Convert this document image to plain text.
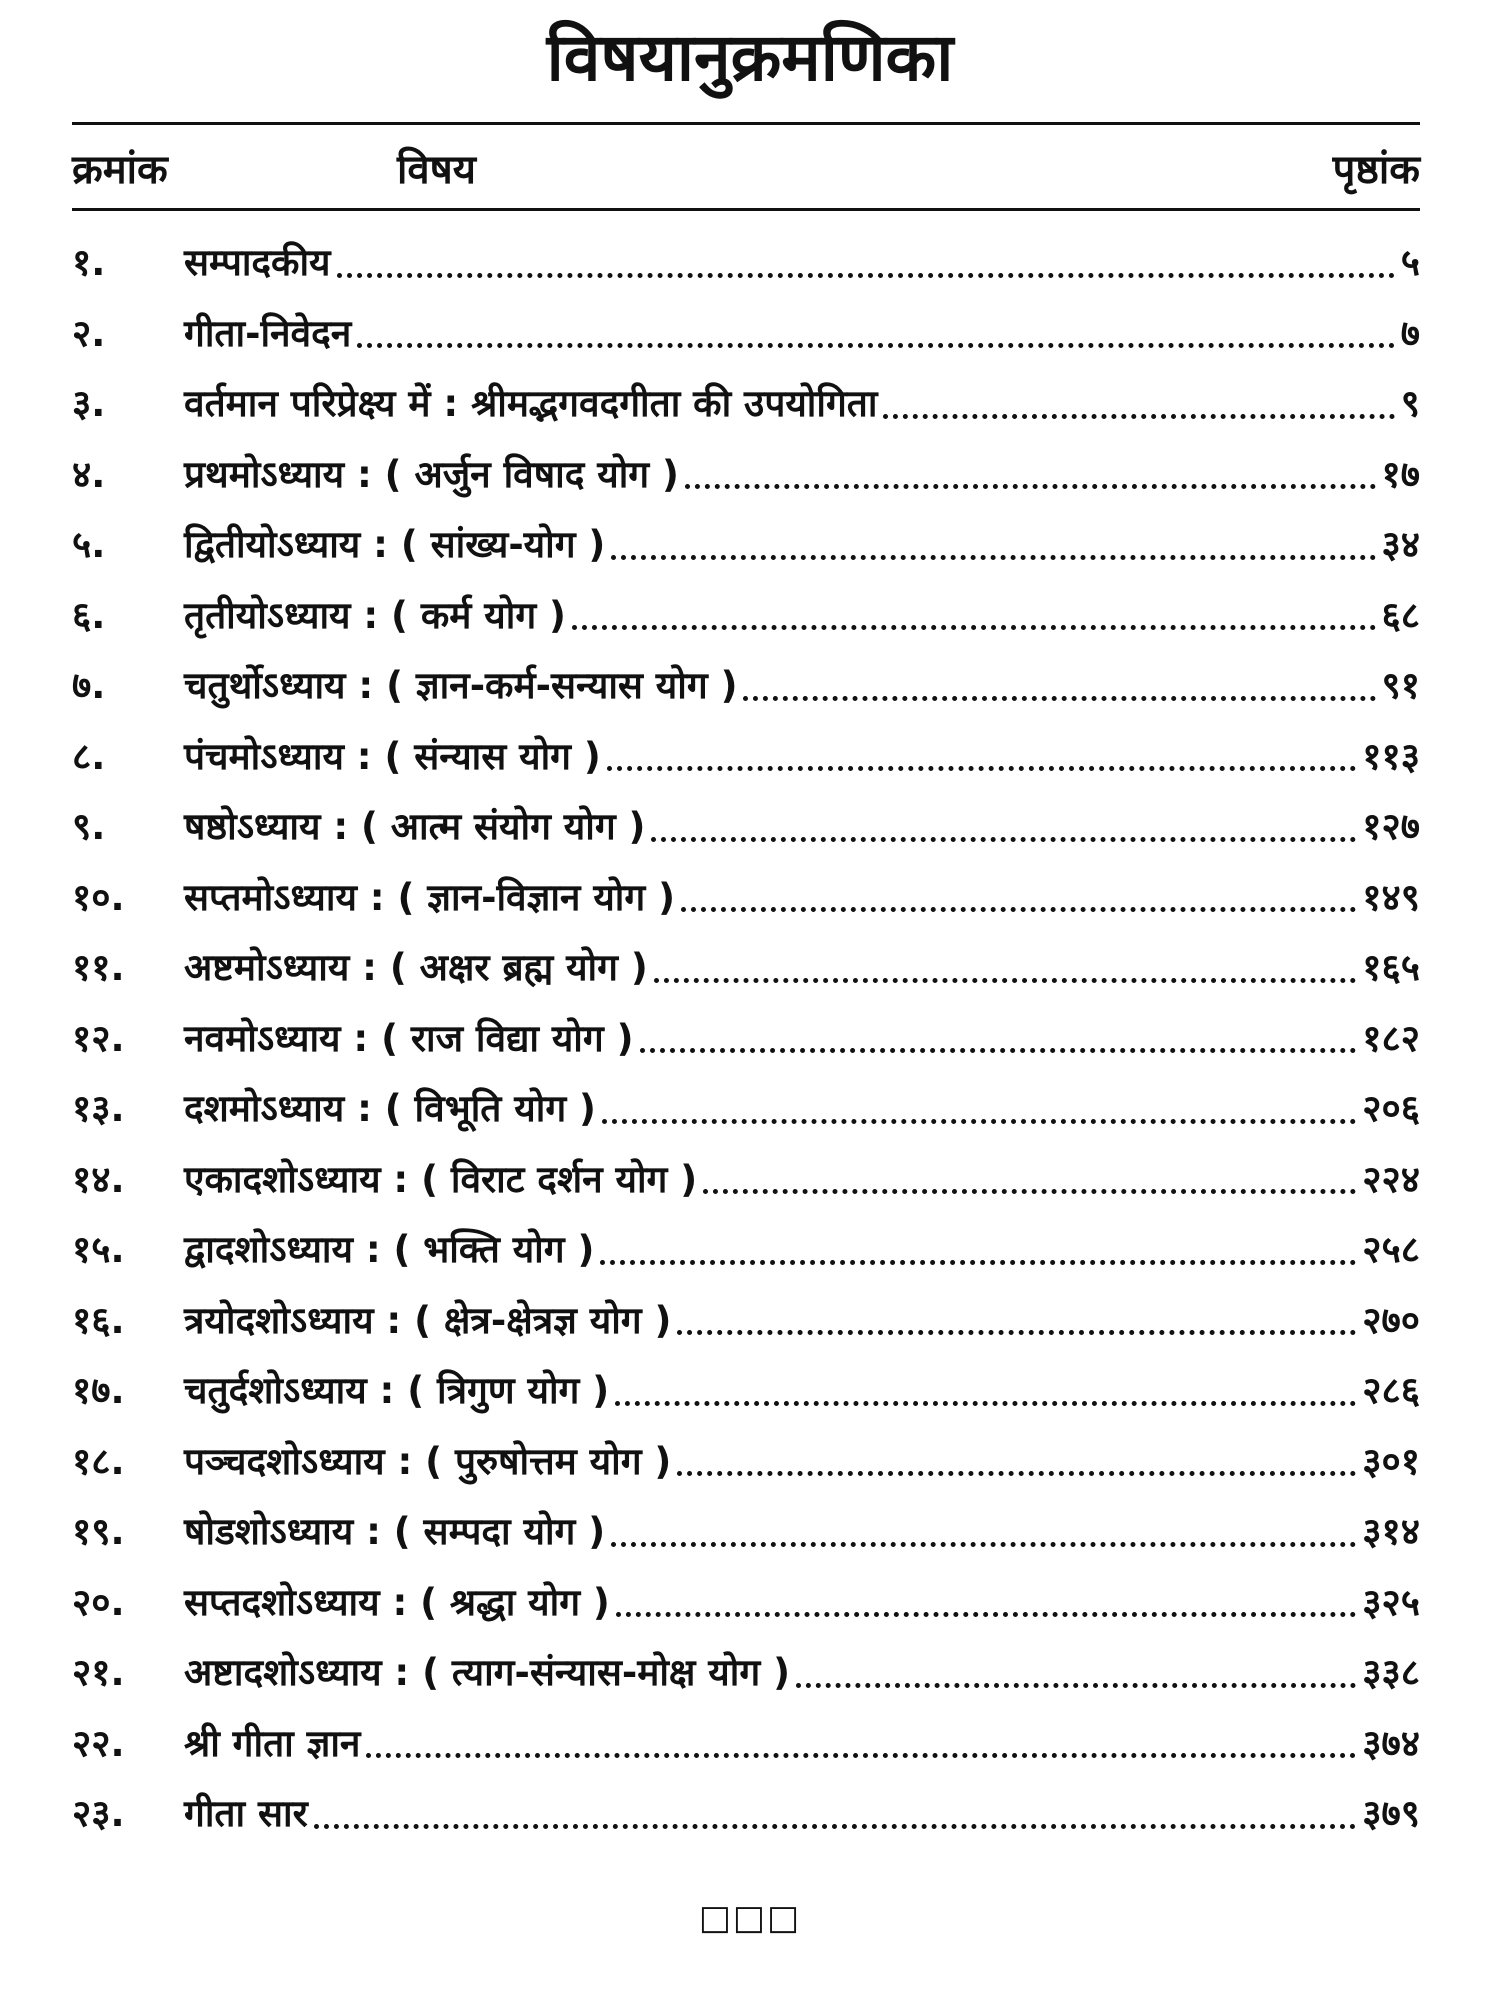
विषयानुक्रमणिका
क्रमांक	विषय	पृष्ठांक
१.	सम्पादकीय	५
२.	गीता-निवेदन	७
३.	वर्तमान परिप्रेक्ष्य में : श्रीमद्भगवदगीता की उपयोगिता	९
४.	प्रथमोऽध्याय : ( अर्जुन विषाद योग )	१७
५.	द्वितीयोऽध्याय : ( सांख्य-योग )	३४
६.	तृतीयोऽध्याय : ( कर्म योग )	६८
७.	चतुर्थोऽध्याय : ( ज्ञान-कर्म-सन्यास योग )	९१
८.	पंचमोऽध्याय : ( संन्यास योग )	११३
९.	षष्ठोऽध्याय : ( आत्म संयोग योग )	१२७
१०.	सप्तमोऽध्याय : ( ज्ञान-विज्ञान योग )	१४९
११.	अष्टमोऽध्याय : ( अक्षर ब्रह्म योग )	१६५
१२.	नवमोऽध्याय : ( राज विद्या योग )	१८२
१३.	दशमोऽध्याय : ( विभूति योग )	२०६
१४.	एकादशोऽध्याय : ( विराट दर्शन योग )	२२४
१५.	द्वादशोऽध्याय : ( भक्ति योग )	२५८
१६.	त्रयोदशोऽध्याय : ( क्षेत्र-क्षेत्रज्ञ योग )	२७०
१७.	चतुर्दशोऽध्याय : ( त्रिगुण योग )	२८६
१८.	पञ्चदशोऽध्याय : ( पुरुषोत्तम योग )	३०१
१९.	षोडशोऽध्याय : ( सम्पदा योग )	३१४
२०.	सप्तदशोऽध्याय : ( श्रद्धा योग )	३२५
२१.	अष्टादशोऽध्याय : ( त्याग-संन्यास-मोक्ष योग )	३३८
२२.	श्री गीता ज्ञान	३७४
२३.	गीता सार	३७९
□□□
